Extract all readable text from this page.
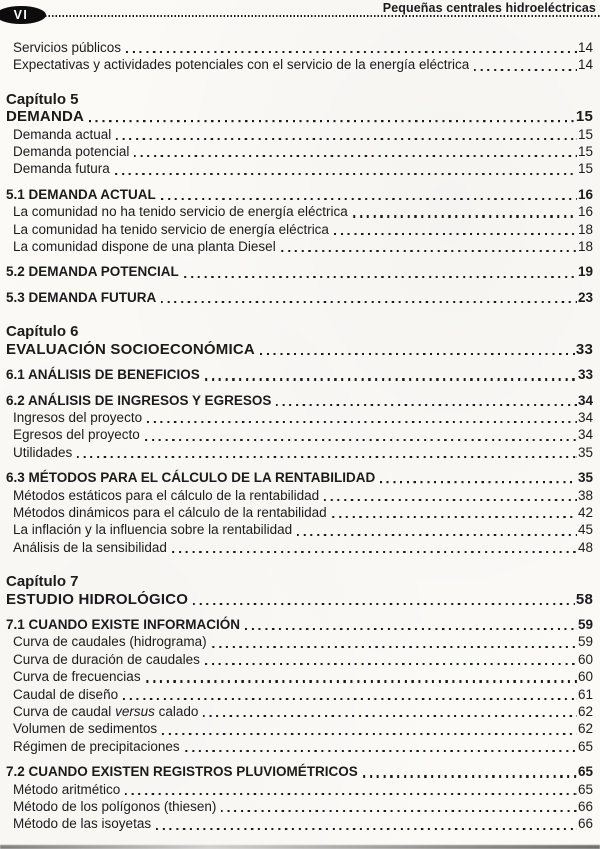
Pequeñas centrales hidroeléctricas
VI
Servicios públicos	14
Expectativas y actividades potenciales con el servicio de la energía eléctrica	14
Capítulo 5
DEMANDA	15
Demanda actual	15
Demanda potencial	15
Demanda futura	15
5.1 DEMANDA ACTUAL	16
La comunidad no ha tenido servicio de energía eléctrica	16
La comunidad ha tenido servicio de energía eléctrica	18
La comunidad dispone de una planta Diesel	18
5.2 DEMANDA POTENCIAL	19
5.3 DEMANDA FUTURA	23
Capítulo 6
EVALUACIÓN SOCIOECONÓMICA	33
6.1 ANÁLISIS DE BENEFICIOS	33
6.2 ANÁLISIS DE INGRESOS Y EGRESOS	34
Ingresos del proyecto	34
Egresos del proyecto	34
Utilidades	35
6.3 MÉTODOS PARA EL CÁLCULO DE LA RENTABILIDAD	35
Métodos estáticos para el cálculo de la rentabilidad	38
Métodos dinámicos para el cálculo de la rentabilidad	42
La inflación y la influencia sobre la rentabilidad	45
Análisis de la sensibilidad	48
Capítulo 7
ESTUDIO HIDROLÓGICO	58
7.1 CUANDO EXISTE INFORMACIÓN	59
Curva de caudales (hidrograma)	59
Curva de duración de caudales	60
Curva de frecuencias	60
Caudal de diseño	61
Curva de caudal versus calado	62
Volumen de sedimentos	62
Régimen de precipitaciones	65
7.2 CUANDO EXISTEN REGISTROS PLUVIOMÉTRICOS	65
Método aritmético	65
Método de los polígonos (thiesen)	66
Método de las isoyetas	66
